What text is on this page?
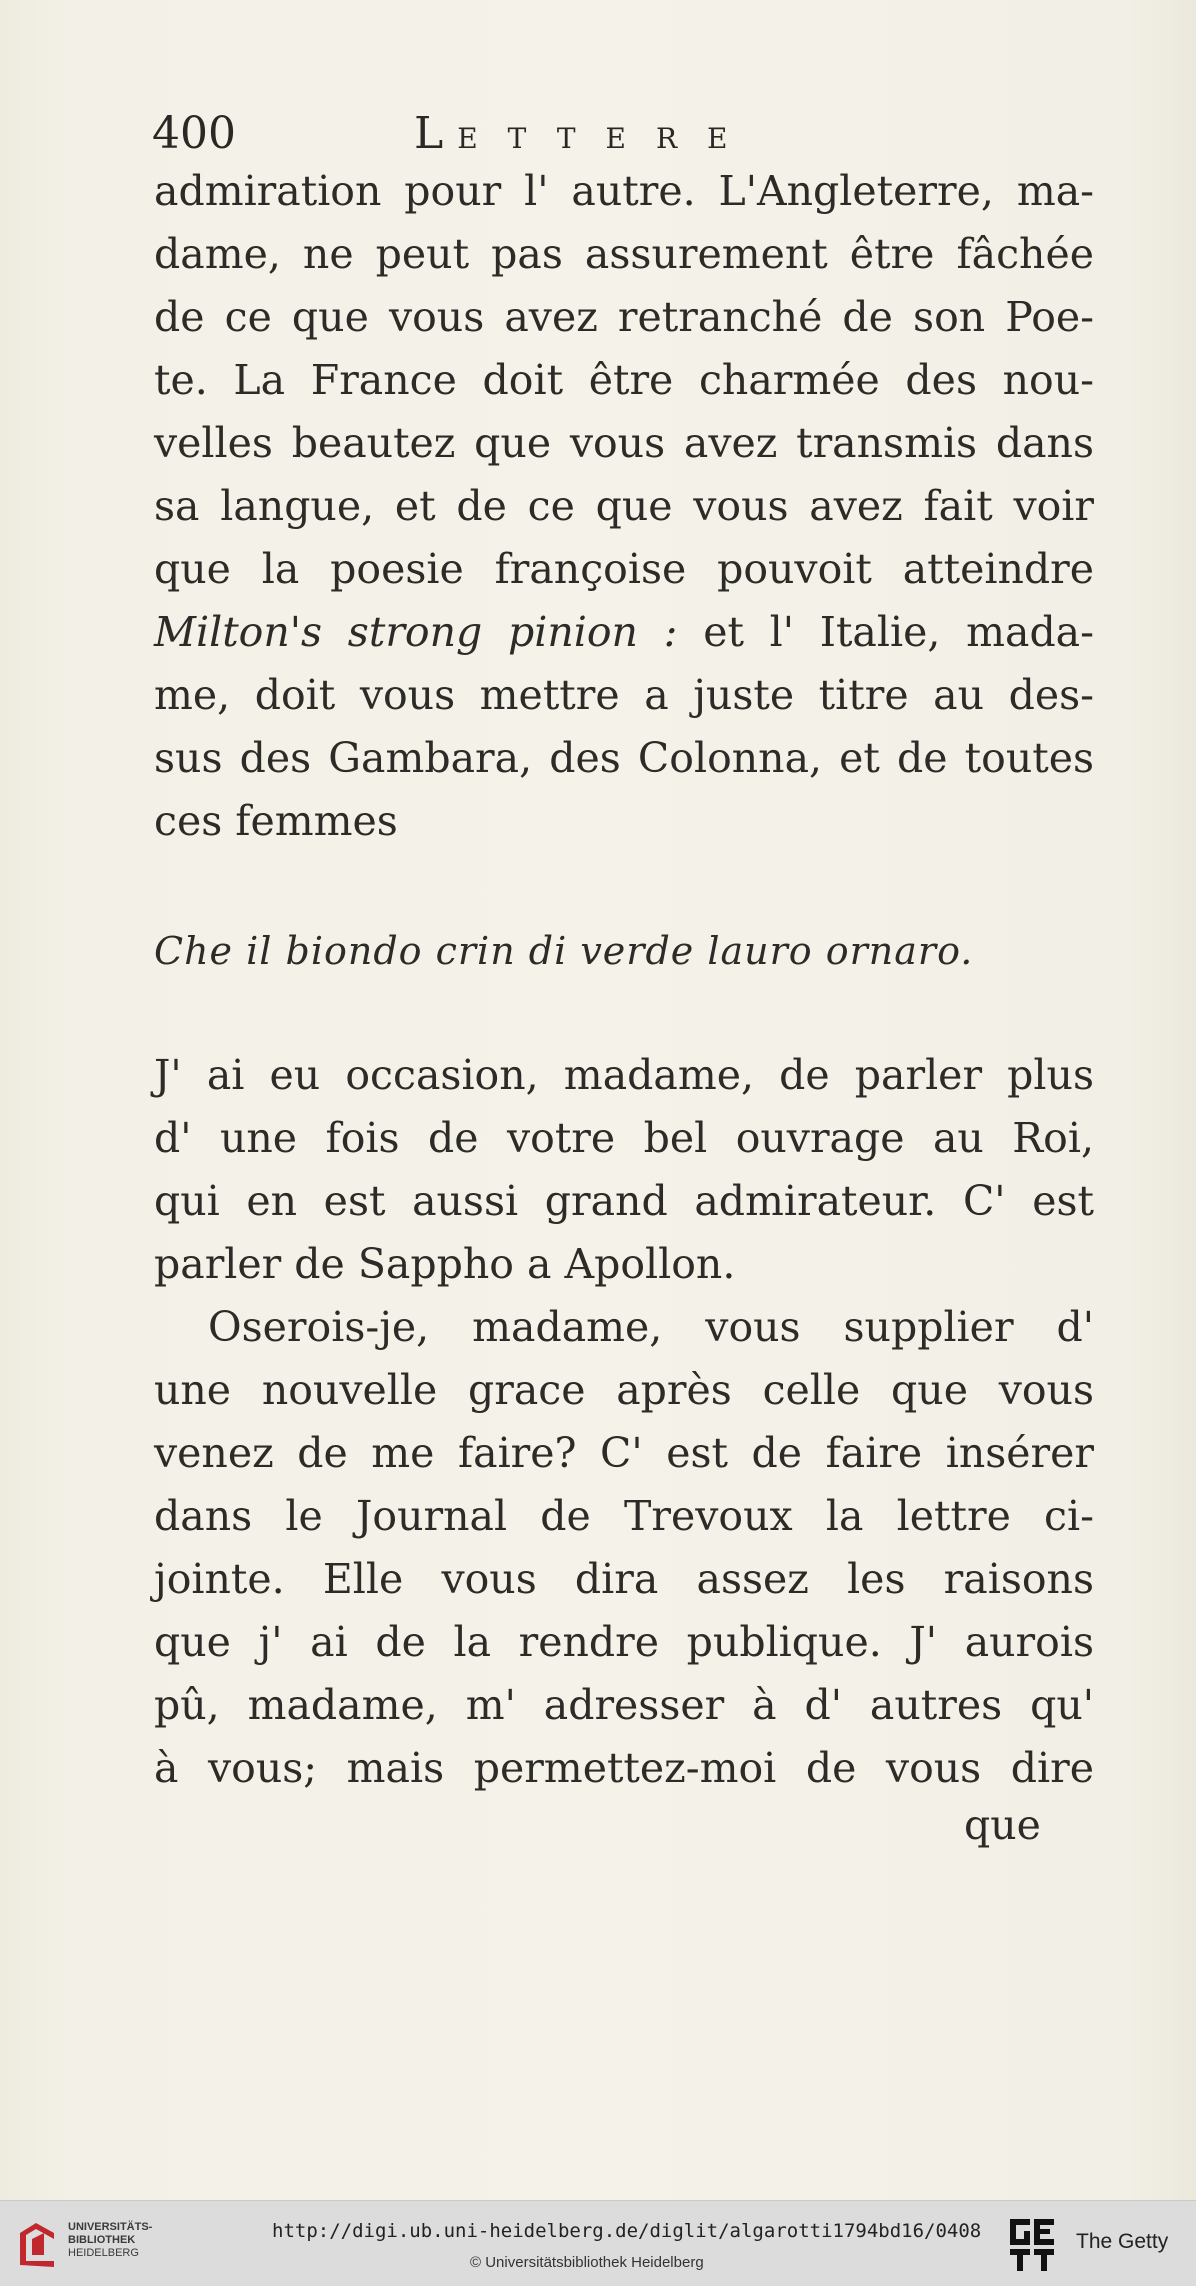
400	LETTERE
admiration pour l' autre. L'Angleterre, ma-
dame, ne peut pas assurement être fâchée
de ce que vous avez retranché de son Poe-
te. La France doit être charmée des nou-
velles beautez que vous avez transmis dans
sa langue, et de ce que vous avez fait voir
que la poesie françoise pouvoit atteindre
Milton's strong pinion : et l' Italie, mada-
me, doit vous mettre a juste titre au des-
sus des Gambara, des Colonna, et de toutes
ces femmes
Che il biondo crin di verde lauro ornaro.
J' ai eu occasion, madame, de parler plus
d' une fois de votre bel ouvrage au Roi,
qui en est aussi grand admirateur. C' est
parler de Sappho a Apollon.
Oserois-je, madame, vous supplier d'
une nouvelle grace après celle que vous
venez de me faire? C' est de faire insérer
dans le Journal de Trevoux la lettre ci-
jointe. Elle vous dira assez les raisons
que j' ai de la rendre publique. J' aurois
pû, madame, m' adresser à d' autres qu'
à vous; mais permettez-moi de vous dire
que
UNIVERSITÄTS-
BIBLIOTHEK
HEIDELBERG
http://digi.ub.uni-heidelberg.de/diglit/algarotti1794bd16/0408
© Universitätsbibliothek Heidelberg
The Getty
